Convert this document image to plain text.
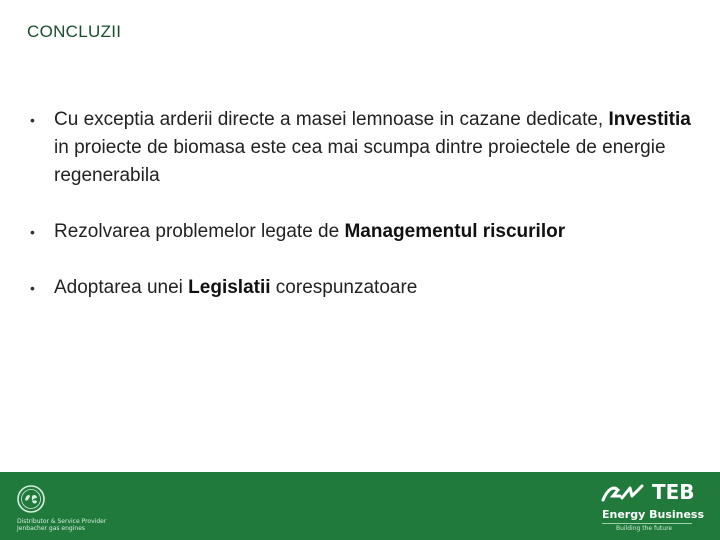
CONCLUZII
• Cu exceptia arderii directe a masei lemnoase in cazane dedicate, Investitia in proiecte de biomasa este cea mai scumpa dintre proiectele de energie regenerabila
• Rezolvarea problemelor legate de Managementul riscurilor
• Adoptarea unei Legislatii corespunzatoare
Distributor & Service Provider
Jenbacher gas engines
TEB
Energy Business
Building the future
